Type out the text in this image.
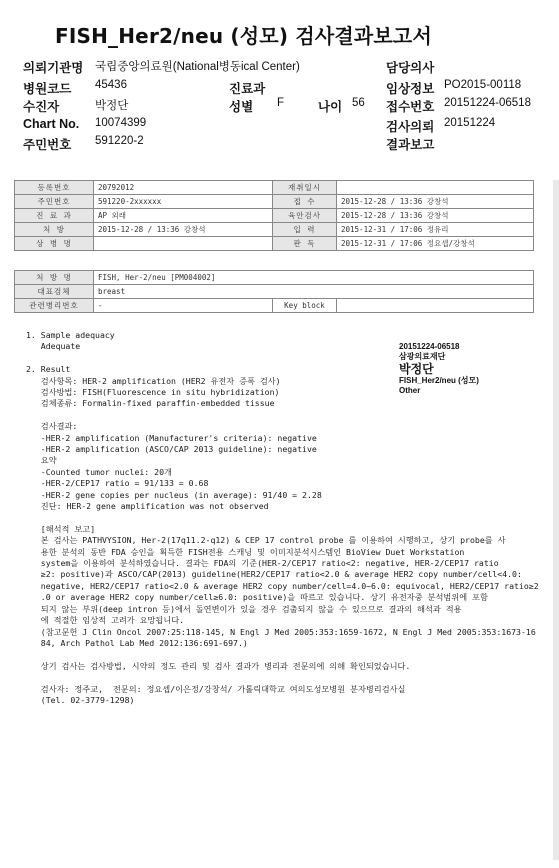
FISH_Her2/neu (성모) 검사결과보고서
의뢰기관명 국립중앙의료원(National병동ical Center)
병원코드 45436
수진자	박정단
Chart No. 10074399
주민번호 591220-2
진료과
성별 F	나이 56
담당의사
임상정보 PO2015-00118
접수번호 20151224-06518
검사의뢰 20151224
결과보고
등록번호	20792012	재취일시	
주민번호	591220-2xxxxxx	접 수	2015-12-28 / 13:36 강창석
진 료 과	AP 외래	육안검사	2015-12-28 / 13:36 강창석
처 방	2015-12-28 / 13:36 강창석	입 력	2015-12-31 / 17:06 정유리
상 병 명		판 독	2015-12-31 / 17:06 정요셉/강창석
처 방 명	FISH, Her-2/neu [PM004002]		
대표검체	breast		
관련병리번호	-	Key block	
20151224-06518
삼광의료재단
박정단
FISH_Her2/neu (성모)
Other
1. Sample adequacy
Adequate
2. Result
검사항목: HER-2 amplification (HER2 유전자 증폭 검사)
검사방법: FISH(Fluorescence in situ hybridization)
검체종류: Formalin-fixed paraffin-embedded tissue
검사결과:
-HER-2 amplification (Manufacturer's criteria): negative
-HER-2 amplification (ASCO/CAP 2013 guideline): negative
요약
-Counted tumor nuclei: 20개
-HER-2/CEP17 ratio = 91/133 = 0.68
-HER-2 gene copies per nucleus (in average): 91/40 = 2.28
진단: HER-2 gene amplification was not observed
[해석적 보고]
본 검사는 PATHVYSION, Her-2(17q11.2-q12) & CEP 17 control probe 를 이용하여 시행하고, 상기 probe를 사
용한 분석의 동반 FDA 승인을 획득한 FISH전용 스캐닝 및 이미지분석시스템인 BioView Duet Workstation
system을 이용하여 분석하였습니다. 결과는 FDA의 기준(HER-2/CEP17 ratio<2: negative, HER-2/CEP17 ratio
≥2: positive)과 ASCO/CAP(2013) guideline(HER2/CEP17 ratio<2.0 & average HER2 copy number/cell<4.0:
negative, HER2/CEP17 ratio<2.0 & average HER2 copy number/cell=4.0~6.0: equivocal, HER2/CEP17 ratio≥2
.0 or average HER2 copy number/cell≥6.0: positive)을 따르고 있습니다. 상기 유전자중 분석범위에 포함
되지 않는 부위(deep intron 등)에서 돌연변이가 있을 경우 검출되지 않을 수 있으므로 결과의 해석과 적용
에 적절한 임상적 고려가 요망됩니다.
(참고문헌 J Clin Oncol 2007:25:118-145, N Engl J Med 2005:353:1659-1672, N Engl J Med 2005:353:1673-16
84, Arch Pathol Lab Med 2012:136:691-697.)
상기 검사는 검사방법, 시약의 정도 관리 및 검사 결과가 병리과 전문의에 의해 확인되었습니다.
검사자: 정주교,  전문의: 정요셉/이은정/강창석/ 가톨릭대학교 여의도성모병원 분자병리검사실
(Tel. 02-3779-1298)
